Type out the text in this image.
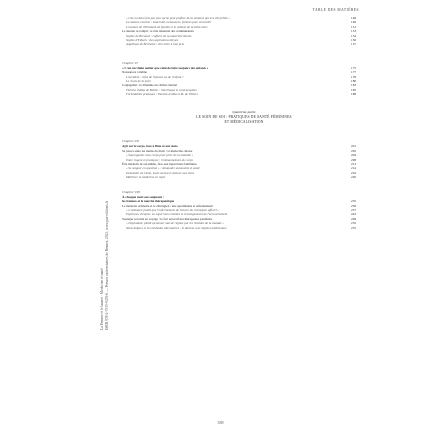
TABLE DES MATIÈRES
La Femme et le lazaret · Medecine et santé ISBN 978-2-7535-9476-6 — Presses universitaires de Rennes, 2023, www.pur-editions.fr
« Une ou deux fois par jour qu'on peut profiter de la semaine qui m'a été prêtée »	148
La maison conclue : maternité, naissances, femmes pour accueillir	149
L'examen de l'Elisabeth de famille et le cabinet de la belle-mère	151
Le dernier accompli : le rôle maternel des communautés	153
Sophie de Bernard : l'affaire de la maternité dévote	154
Sophie d'Elbach : des aspirations déçues	156
Angélique de Bertholet : être mère à tout prix	157
Chapitre VI
« C'est un vilain métier que celui de faire toujours des enfants »	175
Naissances à même	177
L'accident : refus de l'épouse ou de l'enfant ?	178
Le choix de la mère	180
Conjugalité : le dilemme du célibat charnel	183
Thérèse d'Alba de Bellier : libertinage et contraception	185
Formidables pratiques : Pauline d'Alba et M. de Villiers	188
Quatrième partie
LE SOIN DE SOI : PRATIQUES DE SANTÉ FÉMININES
ET MÉDICALISATION
Chapitre VII
Agir sur le corps, face à Dieu et aux siens	201
Se placer entre les mains du divin : la médecine céleste	202
« Sauvegarder mon corps pour prier de la maladie »	204
Entre l'agent et pratiques : l'embaumement du corps	208
Être médecin de soi-même, face aux injonctions familiales	213
« Se soigner en question » : demander autonomie et santé	214
Demander de l'aide, mais surtout le donner aux siens	216
Maîtriser la médecine en règle	220
Chapitre VIII
À chaque mal son soignant :
les femmes et le marché thérapeutique	235
Le médecin ordinaire et le chirurgien : une quotidienne et enfermement	236
« L'ordinaire plutôt que l'enfermement de l'œuvre du chirurgien officiel »	237
Espérance d'espoir, un expert des remèdes et l'enseignement de l'accouchement	243
Soulager son mal en voyage : le fort attractif des thérapeutes parallèles	248
« Dependant, plutôt qu'amour mal de régime par les remèdes de la malade »	252
Saint-Sulpice et les méthodes alternatives : le docteur aux régimes médicinaux	255
339
